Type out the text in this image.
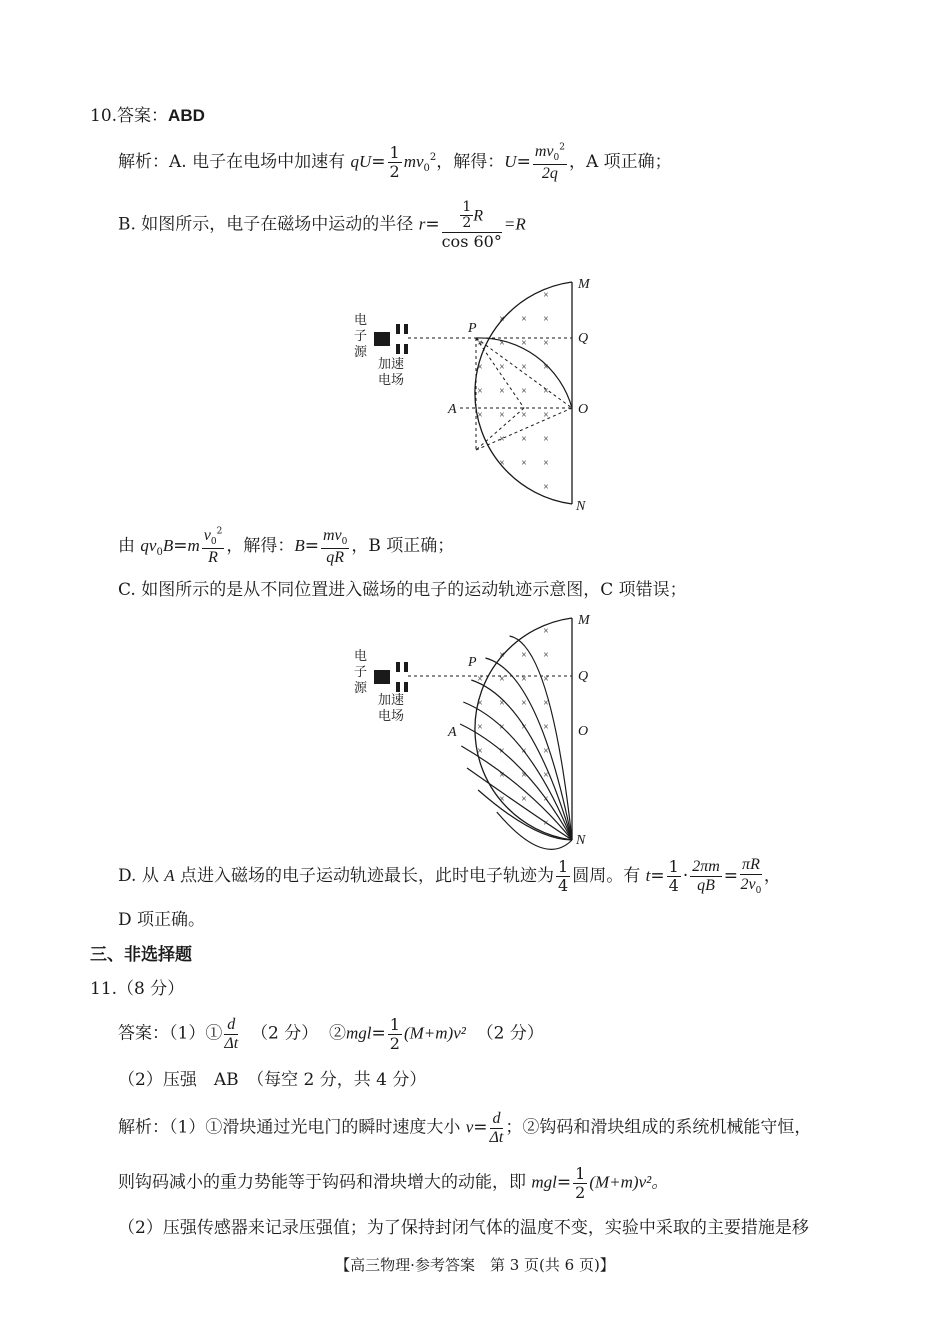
10.答案：ABD
解析：A. 电子在电场中加速有 $qU= \frac{1}{2} mv_0^2$，解得：$U= \frac{mv_0^2}{2q}$ ，A 项正确；
B. 如图所示，电子在磁场中运动的半径 $r= \frac{\frac{1}{2} R}{\cos 60^\circ} =R$
电
子
源
加速
电场
×
× × ×
× × × ×
× × × ×
× × × ×
× × × ×
× × ×
× × ×
×
M
P
Q
A	O
N
由 $qv_0B=m \frac{v_0^2}{R}$ ，解得：$B= \frac{mv_0}{qR}$ ，B 项正确；
C. 如图所示的是从不同位置进入磁场的电子的运动轨迹示意图，C 项错误；
电
子
源
加速
电场
×
× × ×
× × × ×
× × × ×
× × × ×
× × × ×
× × ×
× × ×
×
M
P
Q
A	O
N
D. 从 A 点进入磁场的电子运动轨迹最长，此时电子轨迹为 $\frac{1}{4}$ 圆周。有 $t= \frac{1}{4} \cdot \frac{2\pi m}{qB} = \frac{\pi R}{2v_0}$ ，
D 项正确。
三、非选择题
11.（8 分）
答案：（1）① $\frac{d}{\Delta t} (2$ 分） ②mgl= $\frac{1}{2} (M+m)v^2$ （2 分）
（2）压强　AB　（每空 2 分，共 4 分）
解析：（1）①滑块通过光电门的瞬时速度大小 $v= \frac{d}{\Delta t}$ ；②钩码和滑块组成的系统机械能守恒，
则钩码减小的重力势能等于钩码和滑块增大的动能，即 $mgl= \frac{1}{2} (M+m)v^2$。
（2）压强传感器来记录压强值；为了保持封闭气体的温度不变，实验中采取的主要措施是移
【高三物理·参考答案　第 3 页(共 6 页)】
